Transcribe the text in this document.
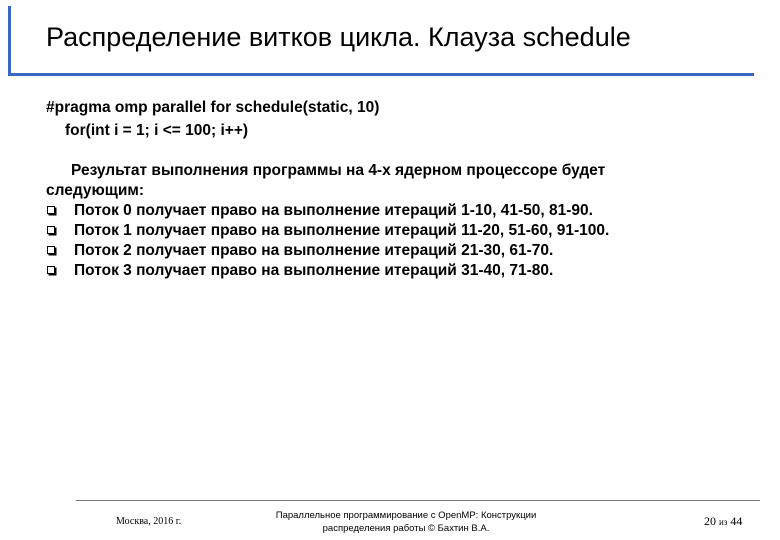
Распределение витков цикла. Клауза schedule
#pragma omp parallel for schedule(static, 10)
for(int i = 1; i <= 100; i++)
Результат выполнения программы на 4-х ядерном процессоре будет
следующим:
Поток 0 получает право на выполнение итераций 1-10, 41-50, 81-90.
Поток 1 получает право на выполнение итераций 11-20, 51-60, 91-100.
Поток 2 получает право на выполнение итераций 21-30, 61-70.
Поток 3 получает право на выполнение итераций 31-40, 71-80.
Москва, 2016 г.
Параллельное программирование с OpenMP: Конструкции
распределения работы © Бахтин В.А.
20 из 44
